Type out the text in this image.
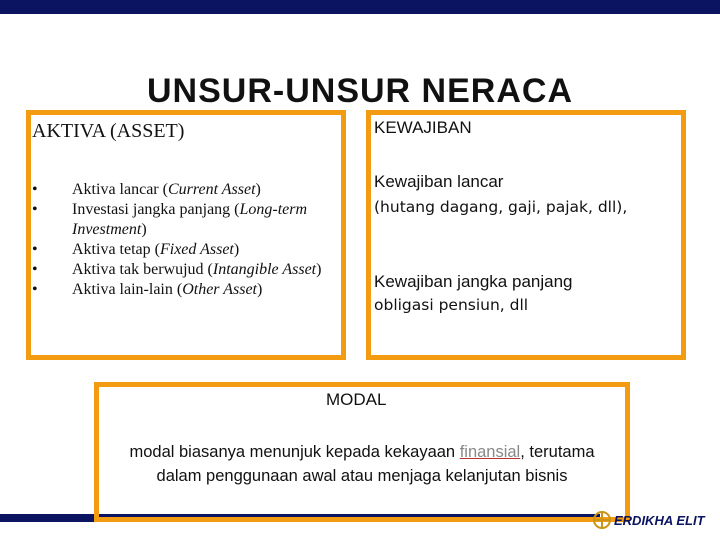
UNSUR-UNSUR NERACA
AKTIVA (ASSET)
• Aktiva lancar (Current Asset)
• Investasi jangka panjang (Long-term Investment)
• Aktiva tetap (Fixed Asset)
• Aktiva tak berwujud (Intangible Asset)
• Aktiva lain-lain (Other Asset)
KEWAJIBAN
Kewajiban lancar
(hutang dagang, gaji, pajak, dll),
Kewajiban jangka panjang
obligasi pensiun, dll
MODAL
modal biasanya menunjuk kepada kekayaan finansial, terutama dalam penggunaan awal atau menjaga kelanjutan bisnis
ERDIKHA ELIT
